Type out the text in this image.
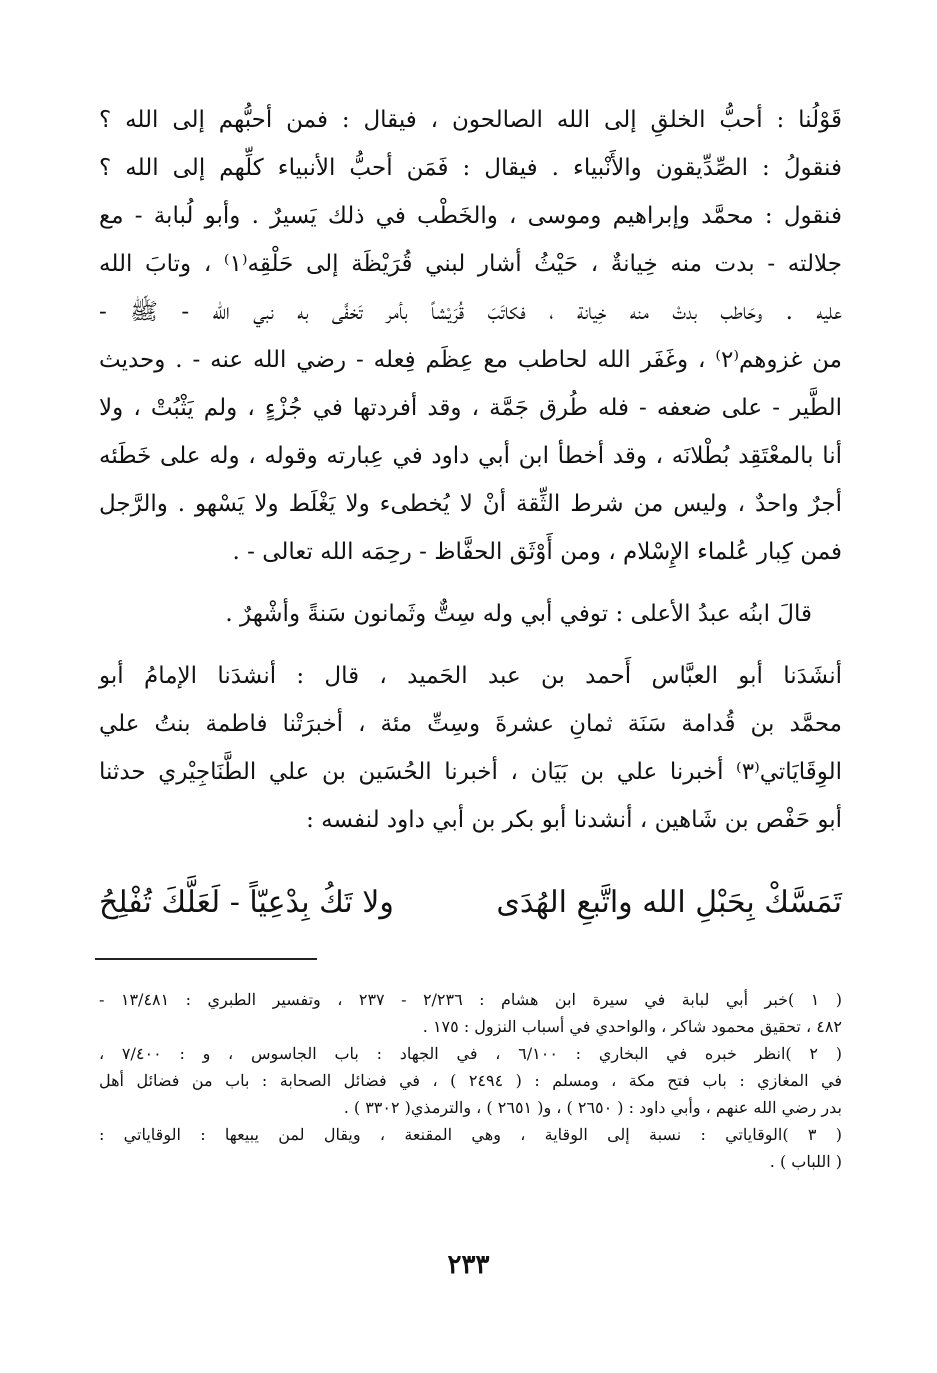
قَوْلُنا : أحبُّ الخلقِ إلى الله الصالحون ، فيقال : فمن أحبُّهم إلى الله ؟
فنقولُ : الصِّدِّيقون والأَنْبياء . فيقال : فَمَن أحبُّ الأنبياء كلِّهم إلى الله ؟
فنقول : محمَّد وإبراهيم وموسى ، والخَطْب في ذلك يَسيرٌ . وأبو لُبابة - مع
جلالته - بدت منه خِيانةٌ ، حَيْثُ أشار لبني قُرَيْظَة إلى حَلْقِه⁽١⁾ ، وتابَ الله
عليه . وحَاطب بدتْ منه خِيانة ، فكاتَبَ قُرَيْشاً بأمر تَخفَّى به نبي الله - ﷺ -
من غزوهم⁽٢⁾ ، وغَفَر الله لحاطب مع عِظَم فِعله - رضي الله عنه - . وحديث
الطَّير - على ضعفه - فله طُرق جَمَّة ، وقد أفردتها في جُزْءٍ ، ولم يَثْبُتْ ، ولا
أنا بالمعْتَقِد بُطْلانَه ، وقد أخطأ ابن أبي داود في عِبارته وقوله ، وله على خَطَئه
أجرٌ واحدٌ ، وليس من شرط الثِّقة أنْ لا يُخطىء ولا يَغْلَط ولا يَسْهو . والرَّجل
فمن كِبار عُلماء الإِسْلام ، ومن أَوْثَق الحفَّاظ - رحِمَه الله تعالى - .
قالَ ابنُه عبدُ الأعلى : توفي أبي وله سِتٌّ وثَمانون سَنةً وأشْهرٌ .
أنشَدَنا أبو العبَّاس أَحمد بن عبد الحَميد ، قال : أنشدَنا الإمامُ أبو
محمَّد بن قُدامة سَنَة ثمانِ عشرةَ وسِتِّ مئة ، أخبرَتْنا فاطمة بنتُ علي
الوِقَايَاتي⁽٣⁾ أخبرنا علي بن بَيَان ، أخبرنا الحُسَين بن علي الطَّنَاجِيْري حدثنا
أبو حَفْص بن شَاهين ، أنشدنا أبو بكر بن أبي داود لنفسه :
تَمَسَّكْ بِحَبْلِ الله واتَّبعِ الهُدَى
ولا تَكُ بِدْعِيّاً - لَعَلَّكَ تُفْلِحُ
( ١ )خبر أبي لبابة في سيرة ابن هشام : ٢/٢٣٦ - ٢٣٧ ، وتفسير الطبري : ١٣/٤٨١ -
٤٨٢ ، تحقيق محمود شاكر ، والواحدي في أسباب النزول : ١٧٥ .
( ٢ )انظر خبره في البخاري : ٦/١٠٠ ، في الجهاد : باب الجاسوس ، و : ٧/٤٠٠ ،
في المغازي : باب فتح مكة ، ومسلم : ( ٢٤٩٤ ) ، في فضائل الصحابة : باب من فضائل أهل
بدر رضي الله عنهم ، وأبي داود : ( ٢٦٥٠ ) ، و( ٢٦٥١ ) ، والترمذي( ٣٣٠٢ ) .
( ٣ )الوقاياتي : نسبة إلى الوقاية ، وهي المقنعة ، ويقال لمن يبيعها : الوقاياتي :
( اللباب ) .
٢٣٣
